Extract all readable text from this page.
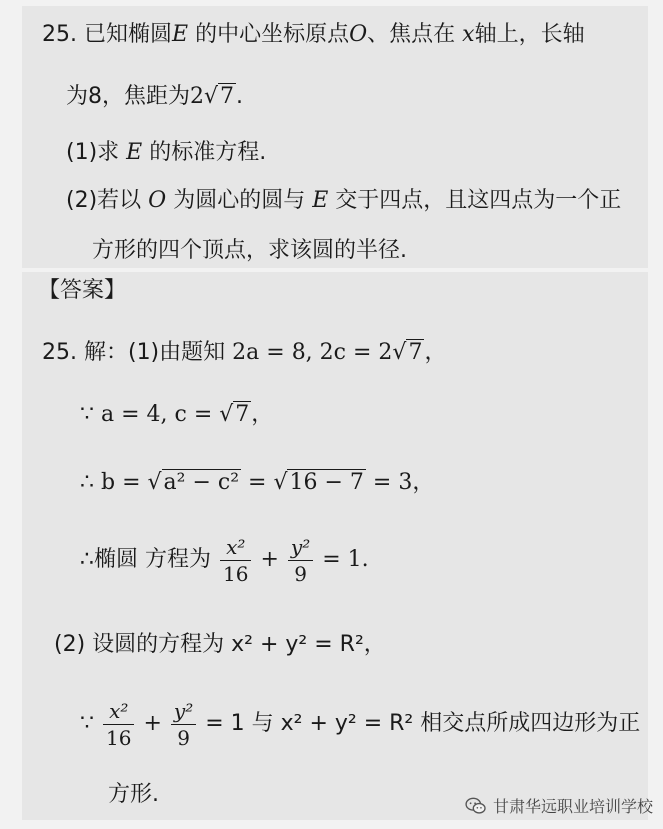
25. 已知椭圆E 的中心坐标原点O、焦点在 x轴上，长轴
为8，焦距为2√7.
(1)求 E 的标准方程.
(2)若以 O 为圆心的圆与 E 交于四点，且这四点为一个正
方形的四个顶点，求该圆的半径.
【答案】
25. 解：(1)由题知 2a = 8, 2c = 2√7，
∵ a = 4, c = √7，
∴ b = √a² − c² = √16 − 7 = 3，
∴椭圆 方程为 $\frac{\text{x²}}{16} + \frac{\text{y²}}{9} = 1$.
(2) 设圆的方程为 x² + y² = R²，
∵ $\frac{\text{x²}}{16} + \frac{\text{y²}}{9} = 1$ 与 x² + y² = R² 相交点所成四边形为正
方形.	甘肃华远职业培训学校
